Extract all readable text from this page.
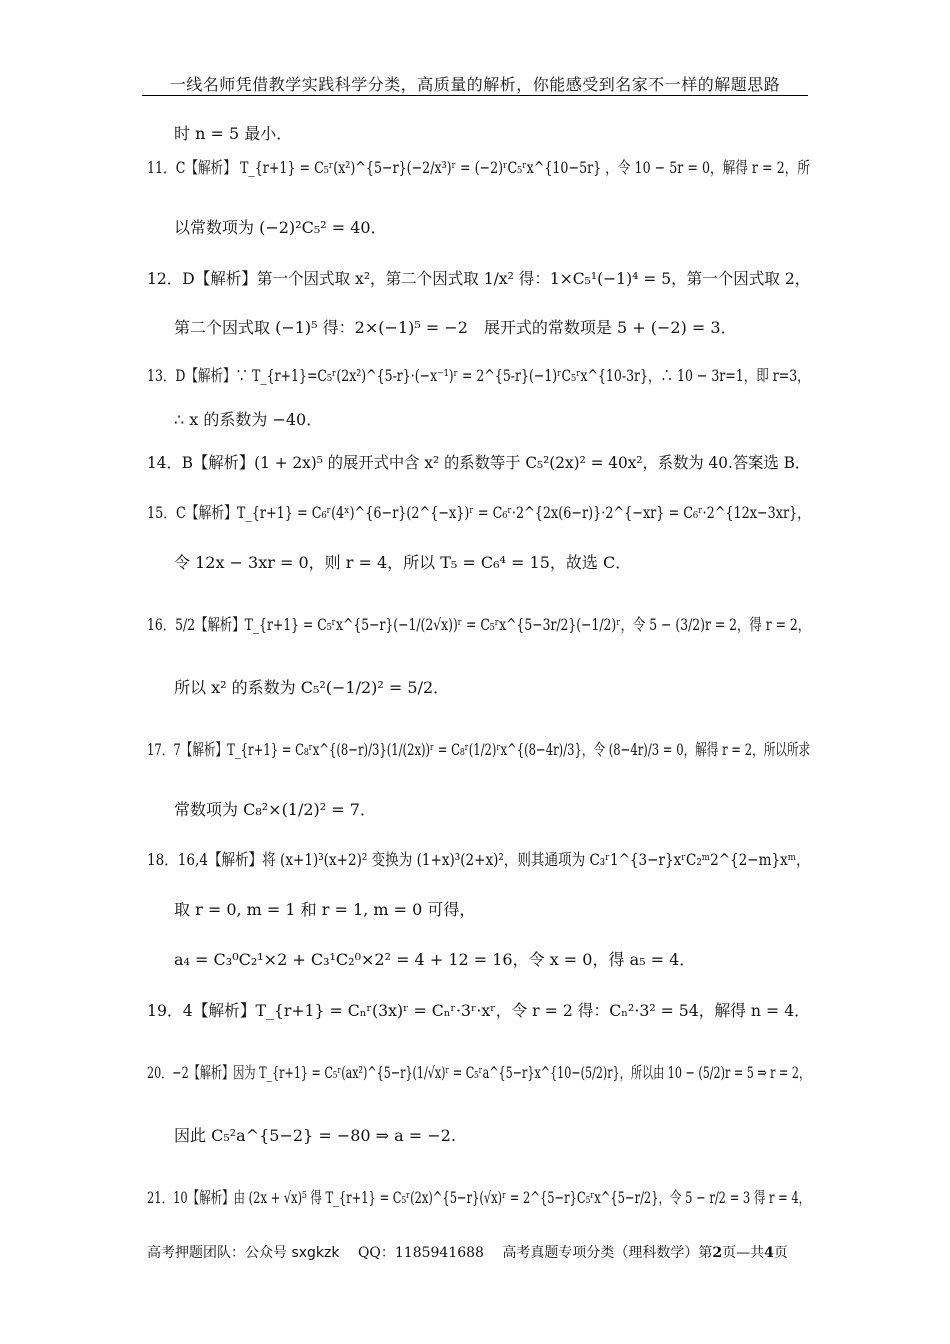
一线名师凭借教学实践科学分类，高质量的解析，你能感受到名家不一样的解题思路
时 n = 5 最小．
11．C【解析】 T_{r+1} = C₅ʳ(x²)^{5−r}(−2/x³)ʳ = (−2)ʳC₅ʳx^{10−5r} ，令 10 − 5r = 0，解得 r = 2，所
以常数项为 (−2)²C₅² = 40．
12．D【解析】第一个因式取 x²，第二个因式取 1/x² 得：1×C₅¹(−1)⁴ = 5，第一个因式取 2，
第二个因式取 (−1)⁵ 得：2×(−1)⁵ = −2　展开式的常数项是 5 + (−2) = 3．
13．D【解析】∵ T_{r+1}=C₅ʳ(2x²)^{5-r}·(−x⁻¹)ʳ = 2^{5-r}(−1)ʳC₅ʳx^{10-3r}，∴ 10 − 3r=1，即 r=3，
∴ x 的系数为 −40．
14．B【解析】(1 + 2x)⁵ 的展开式中含 x² 的系数等于 C₅²(2x)² = 40x²，系数为 40.答案选 B．
15．C【解析】T_{r+1} = C₆ʳ(4ˣ)^{6−r}(2^{−x})ʳ = C₆ʳ·2^{2x(6−r)}·2^{−xr} = C₆ʳ·2^{12x−3xr}，
令 12x − 3xr = 0，则 r = 4，所以 T₅ = C₆⁴ = 15，故选 C．
16．5/2【解析】T_{r+1} = C₅ʳx^{5−r}(−1/(2√x))ʳ = C₅ʳx^{5−3r/2}(−1/2)ʳ，令 5 − (3/2)r = 2，得 r = 2，
所以 x² 的系数为 C₅²(−1/2)² = 5/2．
17．7【解析】T_{r+1} = C₈ʳx^{(8−r)/3}(1/(2x))ʳ = C₈ʳ(1/2)ʳx^{(8−4r)/3}，令 (8−4r)/3 = 0，解得 r = 2，所以所求
常数项为 C₈²×(1/2)² = 7．
18．16,4【解析】将 (x+1)³(x+2)² 变换为 (1+x)³(2+x)²，则其通项为 C₃ʳ1^{3−r}xʳC₂ᵐ2^{2−m}xᵐ，
取 r = 0, m = 1 和 r = 1, m = 0 可得，
a₄ = C₃⁰C₂¹×2 + C₃¹C₂⁰×2² = 4 + 12 = 16，令 x = 0，得 a₅ = 4．
19．4【解析】T_{r+1} = Cₙʳ(3x)ʳ = Cₙʳ·3ʳ·xʳ，令 r = 2 得：Cₙ²·3² = 54，解得 n = 4．
20．−2【解析】因为 T_{r+1} = C₅ʳ(ax²)^{5−r}(1/√x)ʳ = C₅ʳa^{5−r}x^{10−(5/2)r}，所以由 10 − (5/2)r = 5 ⇒ r = 2，
因此 C₅²a^{5−2} = −80 ⇒ a = −2.
21．10【解析】由 (2x + √x)⁵ 得 T_{r+1} = C₅ʳ(2x)^{5−r}(√x)ʳ = 2^{5−r}C₅ʳx^{5−r/2}，令 5 − r/2 = 3 得 r = 4，
高考押题团队：公众号 sxgkzk QQ：1185941688 高考真题专项分类（理科数学）第2页—共4页
